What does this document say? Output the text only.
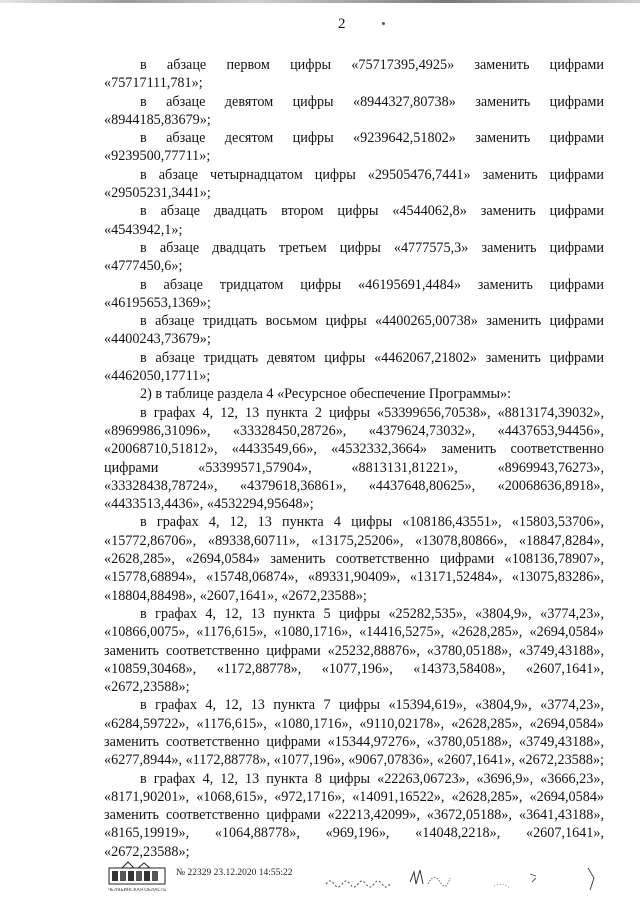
2

в абзаце первом цифры «75717395,4925» заменить цифрами «75717111,781»;

в абзаце девятом цифры «8944327,80738» заменить цифрами «8944185,83679»;

в абзаце десятом цифры «9239642,51802» заменить цифрами «9239500,77711»;

в абзаце четырнадцатом цифры «29505476,7441» заменить цифрами «29505231,3441»;

в абзаце двадцать втором цифры «4544062,8» заменить цифрами «4543942,1»;

в абзаце двадцать третьем цифры «4777575,3» заменить цифрами «4777450,6»;

в абзаце тридцатом цифры «46195691,4484» заменить цифрами «46195653,1369»;

в абзаце тридцать восьмом цифры «4400265,00738» заменить цифрами «4400243,73679»;

в абзаце тридцать девятом цифры «4462067,21802» заменить цифрами «4462050,17711»;

2) в таблице раздела 4 «Ресурсное обеспечение Программы»:

в графах 4, 12, 13 пункта 2 цифры «53399656,70538», «8813174,39032», «8969986,31096», «33328450,28726», «4379624,73032», «4437653,94456», «20068710,51812», «4433549,66», «4532332,3664» заменить соответственно цифрами «53399571,57904», «8813131,81221», «8969943,76273», «33328438,78724», «4379618,36861», «4437648,80625», «20068636,8918», «4433513,4436», «4532294,95648»;

в графах 4, 12, 13 пункта 4 цифры «108186,43551», «15803,53706», «15772,86706», «89338,60711», «13175,25206», «13078,80866», «18847,8284», «2628,285», «2694,0584» заменить соответственно цифрами «108136,78907», «15778,68894», «15748,06874», «89331,90409», «13171,52484», «13075,83286», «18804,88498», «2607,1641», «2672,23588»;

в графах 4, 12, 13 пункта 5 цифры «25282,535», «3804,9», «3774,23», «10866,0075», «1176,615», «1080,1716», «14416,5275», «2628,285», «2694,0584» заменить соответственно цифрами «25232,88876», «3780,05188», «3749,43188», «10859,30468», «1172,88778», «1077,196», «14373,58408», «2607,1641», «2672,23588»;

в графах 4, 12, 13 пункта 7 цифры «15394,619», «3804,9», «3774,23», «6284,59722», «1176,615», «1080,1716», «9110,02178», «2628,285», «2694,0584» заменить соответственно цифрами «15344,97276», «3780,05188», «3749,43188», «6277,8944», «1172,88778», «1077,196», «9067,07836», «2607,1641», «2672,23588»;

в графах 4, 12, 13 пункта 8 цифры «22263,06723», «3696,9», «3666,23», «8171,90201», «1068,615», «972,1716», «14091,16522», «2628,285», «2694,0584» заменить соответственно цифрами «22213,42099», «3672,05188», «3641,43188», «8165,19919», «1064,88778», «969,196», «14048,2218», «2607,1641», «2672,23588»;

ЧЕЛЯБИНСКАЯ ОБЛАСТЬ
№ 22329 23.12.2020 14:55:22
